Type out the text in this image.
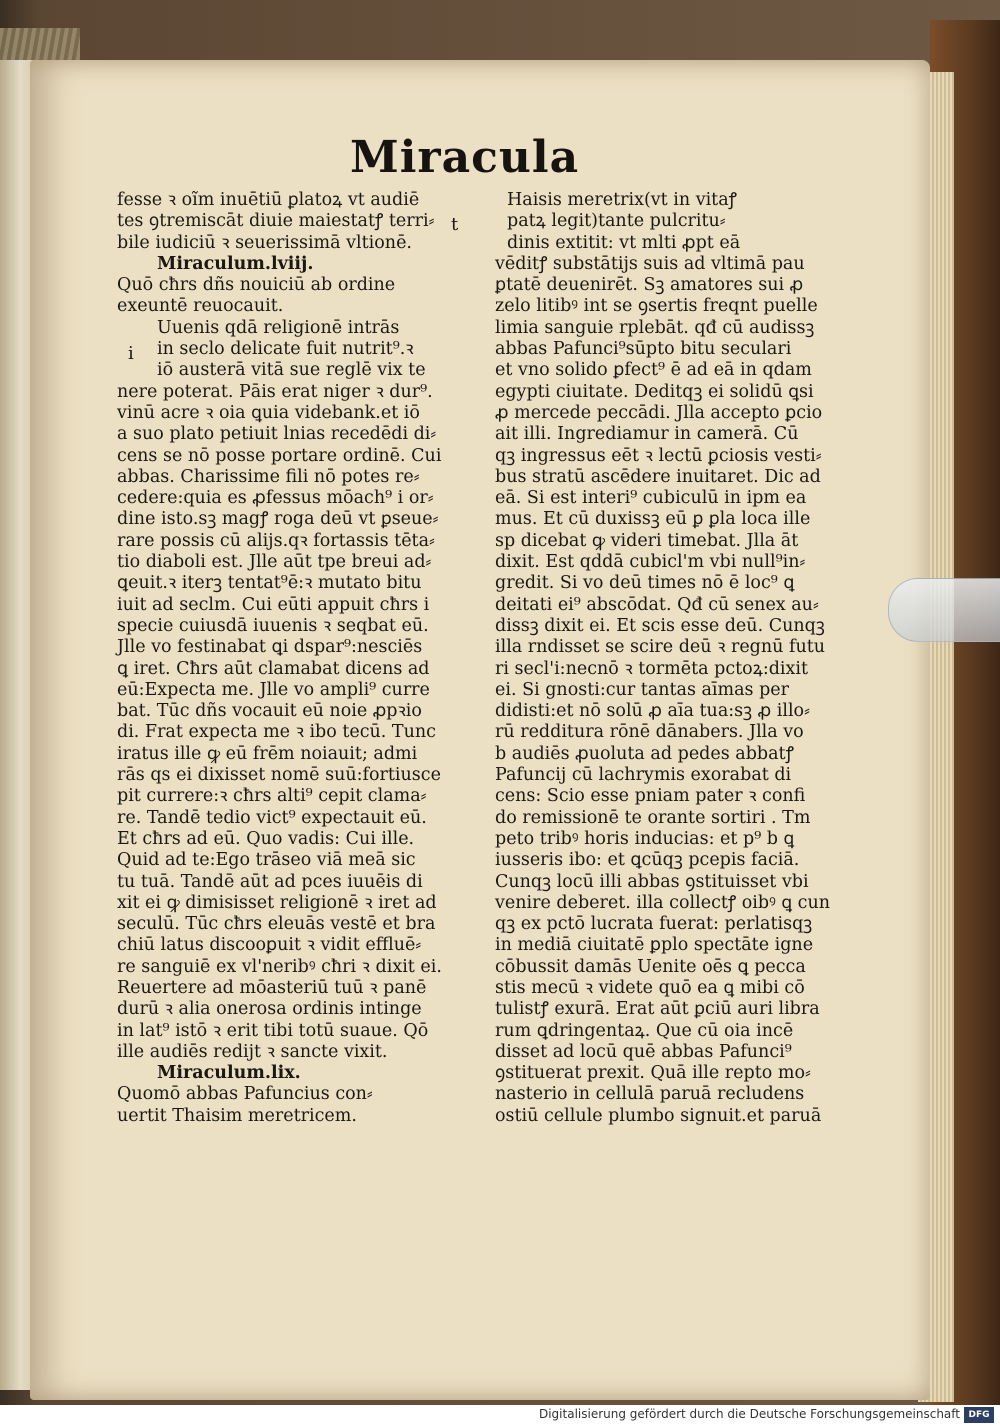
Miracula
i
t
fesse ꝛ oĩm inuētiū ꝑlatoꝝ vt audiē
tes ꝯtremiscāt diuie maiestatꝭ terri⸗
bile iudiciū ꝛ seuerissimā vltionē.
Miraculum.lviij.
Quō cħrs dñs nouiciū ab ordine
exeuntē reuocauit.
Uuenis qdā religionē intrās
in seclo delicate fuit nutrit⁹.ꝛ
iō austerā vitā sue reglē vix te
nere poterat. Pāis erat niger ꝛ dur⁹.
vinū acre ꝛ oia ꝗuia videbank.et iō
a suo plato petiuit lnias recedēdi di⸗
cens se nō posse portare ordinē. Cui
abbas. Charissime fili nō potes re⸗
cedere:quia es ꝓfessus mōach⁹ i or⸗
dine isto.sꝫ magꝭ roga deū vt ꝑseue⸗
rare possis cū alijs.qꝛ fortassis tēta⸗
tio diaboli est. Jlle aūt tpe breui ad⸗
ꝗeuit.ꝛ iterꝫ tentat⁹ē:ꝛ mutato bitu
iuit ad seclm. Cui eūti appuit cħrs i
specie cuiusdā iuuenis ꝛ seqbat eū.
Jlle vo festinabat ꝗi dspar⁹:nesciēs
ꝗ iret. Cħrs aūt clamabat dicens ad
eū:Expecta me. Jlle vo ampli⁹ curre
bat. Tūc dñs vocauit eū noie ꝓpꝛio
di. Frat expecta me ꝛ ibo tecū. Tunc
iratus ille ꝙ eū frēm noiauit; admi
rās qs ei dixisset nomē suū:fortiusce
pit currere:ꝛ cħrs alti⁹ cepit clama⸗
re. Tandē tedio vict⁹ expectauit eū.
Et cħrs ad eū. Quo vadis: Cui ille.
Quid ad te:Ego trāseo viā meā sic
tu tuā. Tandē aūt ad pces iuuēis di
xit ei ꝙ dimisisset religionē ꝛ iret ad
seculū. Tūc cħrs eleuās vestē et bra
chiū latus discooꝑuit ꝛ vidit effluē⸗
re sanguiē ex vl'neribꝰ cħri ꝛ dixit ei.
Reuertere ad mōasteriū tuū ꝛ panē
durū ꝛ alia onerosa ordinis intinge
in lat⁹ istō ꝛ erit tibi totū suaue. Qō
ille audiēs redijt ꝛ sancte vixit.
Miraculum.lix.
Quomō abbas Pafuncius con⸗
uertit Thaisim meretricem.
Haisis meretrix(vt in vitaꝭ
patꝝ legit)tante pulcritu⸗
dinis extitit: vt mlti ꝓpt eā
vēditꝭ substātijs suis ad vltimā pau
ꝑtatē deuenirēt. Sꝫ amatores sui ꝓ
zelo litibꝰ int se ꝯsertis freqnt puelle
limia sanguie rplebāt. qđ cū audissꝫ
abbas Pafunci⁹sūpto bitu seculari
et vno solido ꝑfect⁹ ē ad eā in qdam
egypti ciuitate. Deditqꝫ ei solidū ꝗsi
ꝓ mercede peccādi. Jlla accepto ꝑcio
ait illi. Ingrediamur in camerā. Cū
qꝫ ingressus eēt ꝛ lectū ꝑciosis vesti⸗
bus stratū ascēdere inuitaret. Dic ad
eā. Si est interi⁹ cubiculū in ipm ea
mus. Et cū duxissꝫ eū ꝑ ꝑla loca ille
sp dicebat ꝙ videri timebat. Jlla āt
dixit. Est qddā cubicl'm vbi null⁹in⸗
gredit. Si vo deū times nō ē loc⁹ ꝗ
deitati ei⁹ abscōdat. Qđ cū senex au⸗
dissꝫ dixit ei. Et scis esse deū. Cunqꝫ
illa rndisset se scire deū ꝛ regnū futu
ri secl'i:necnō ꝛ tormēta pctoꝝ:dixit
ei. Si gnosti:cur tantas aīmas per
didisti:et nō solū ꝓ aīa tua:sꝫ ꝓ illo⸗
rū redditura rōnē dānabers. Jlla vo
b audiēs ꝓuoluta ad pedes abbatꝭ
Pafuncij cū lachrymis exorabat di
cens: Scio esse pniam pater ꝛ confi
do remissionē te orante sortiri . Tm
peto tribꝰ horis inducias: et p⁹ b ꝗ
iusseris ibo: et ꝗcūqꝫ pcepis faciā.
Cunqꝫ locū illi abbas ꝯstituisset vbi
venire deberet. illa collectꝭ oibꝰ ꝗ cun
qꝫ ex pctō lucrata fuerat: perlatisqꝫ
in mediā ciuitatē ꝑplo spectāte igne
cōbussit damās Uenite oēs ꝗ pecca
stis mecū ꝛ videte quō ea ꝗ mibi cō
tulistꝭ exurā. Erat aūt ꝑciū auri libra
rum ꝗdringentaꝝ. Que cū oia incē
disset ad locū quē abbas Pafunci⁹
ꝯstituerat prexit. Quā ille repto mo⸗
nasterio in cellulā paruā recludens
ostiū cellule plumbo signuit.et paruā
Digitalisierung gefördert durch die Deutsche Forschungsgemeinschaft DFG
